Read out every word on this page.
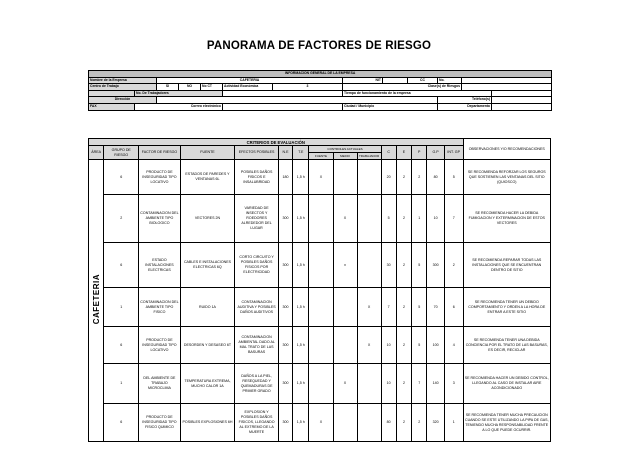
PANORAMA DE FACTORES DE RIESGO
INFORMACION GENERAL DE LA EMPRESA												
Nombre de la Empresa		CAFETERIA					NIT		CC	No.		
Centro de Trabajo		SI	NO	No CT	Actividad Económica	3	Clase(s) de Riesgos					
	No. De Trabajadores						Tiempo de funcionamiento de la empresa					
Dirección										Teléfono(s)		
FAX	Correo electrónico						Ciudad / Municipio			Departamento		
CRITERIOS DE EVALUACIÓN															OBSERVACIONES Y/O RECOMENDACIONES
ÁREA	GRUPO DE RIESGO	FACTOR DE RIESGO	FUENTE	EFECTOS POSIBLES	N.E	T.E	CONTROLES ACTUALES			C	E	P	G.P	INT. GP	
							FUENTE	MEDIO	TRABAJADOR						
CAFETERIA	6	PRODUCTO DE INSEGURIDAD TIPO LOCATIVO	ESTADOS DE PAREDES Y VENTANAS 6L	POSIBLES DAÑOS FISICOS E INSALUBRIDAD	180	1,5 h	X			20	2	2	80	5	SE RECOMIENDA REFORZAR LOS SEGUROS QUE SOSTIENEN LAS VENTANAS DEL SITIO (QUIOSCO)
	2	CONTAMINACION DEL AMBIENTE TIPO BIOLOGICO	VECTORES 2N	VARIEDAD DE INSECTOS Y ROEDORES ALREDEDOR DEL LUGAR	300	1,5 h		X		5	2	1	10	7	SE RECOMIENDA HACER LA DEBIDA FUMIGACION Y EXTERMINACION DE ESTOS VECTORES
	6	ESTADO INSTALACIONES ELECTRICAS	CABLES E INSTALACIONES ELECTRICAS 6Q	CORTO CIRCUITO Y POSIBLES DAÑOS FISICOS POR ELECTRICIDAD	300	1,5 h		x		30	2	5	300	2	SE RECOMIENDA REPARAR TODAS LAS INSTALACIONES QUE SE ENCUENTRAN DENTRO DE SITIO
	1	CONTAMINACION DEL AMBIENTE TIPO FISICO	RUIDO 1A	CONTAMINACION AUDITIVA Y POSIBLES DAÑOS AUDITIVOS	300	1,5 h			X	7	2	5	70	6	SE RECOMIENDA TENER UN DEBIDO COMPORTAMIENTO Y ORDEN A LA HORA DE ENTRAR A ESTE SITIO
	6	PRODUCTO DE INSEGURIDAD TIPO LOCATIVO	DESORDEN Y DESASEO 6T	CONTAMINACION AMBIENTAL DADO AL MAL TRATO DE LAS BASURAS	300	1,5 h			X	10	2	5	100	4	SE RECOMIENDA TENER UNA DEBIDA CONCIENCIA POR EL TRATO DE LAS BASURAS, ES DECIR, RECICLAR
	1	DEL AMBIENTE DE TRABAJO MICROCLIMA	TEMPERATURA EXTREMA, MUCHO CALOR 1A	DAÑOS A LA PIEL, RESEQUEDAD Y QUEMADURAS DE PRIMER GRADO	300	1,5 h		X		10	2	7	140	3	SE RECOMIENDA HACER UN DEBIDO CONTROL, LLEGANDO AL CASO DE INSTALAR AIRE ACONDICIONADO
	6	PRODUCTO DE INSEGURIDAD TIPO FISICO QUIMICO	POSIBLES EXPLOSIONES 6H	EXPLOSION Y POSIBLES DAÑOS FISICOS, LLEGANDO AL EXTREMO DE LA MUERTE	300	1,5 h	X			80	2	2	320	1	SE RECOMIENDA TENER MUCHA PRECAUCION CUANDO SE ESTE UTILIZANDO LA PIPA DE GAS, TENIENDO MUCHA RESPONSABILIDAD FRENTE A LO QUE PUEDE OCURRIR.
